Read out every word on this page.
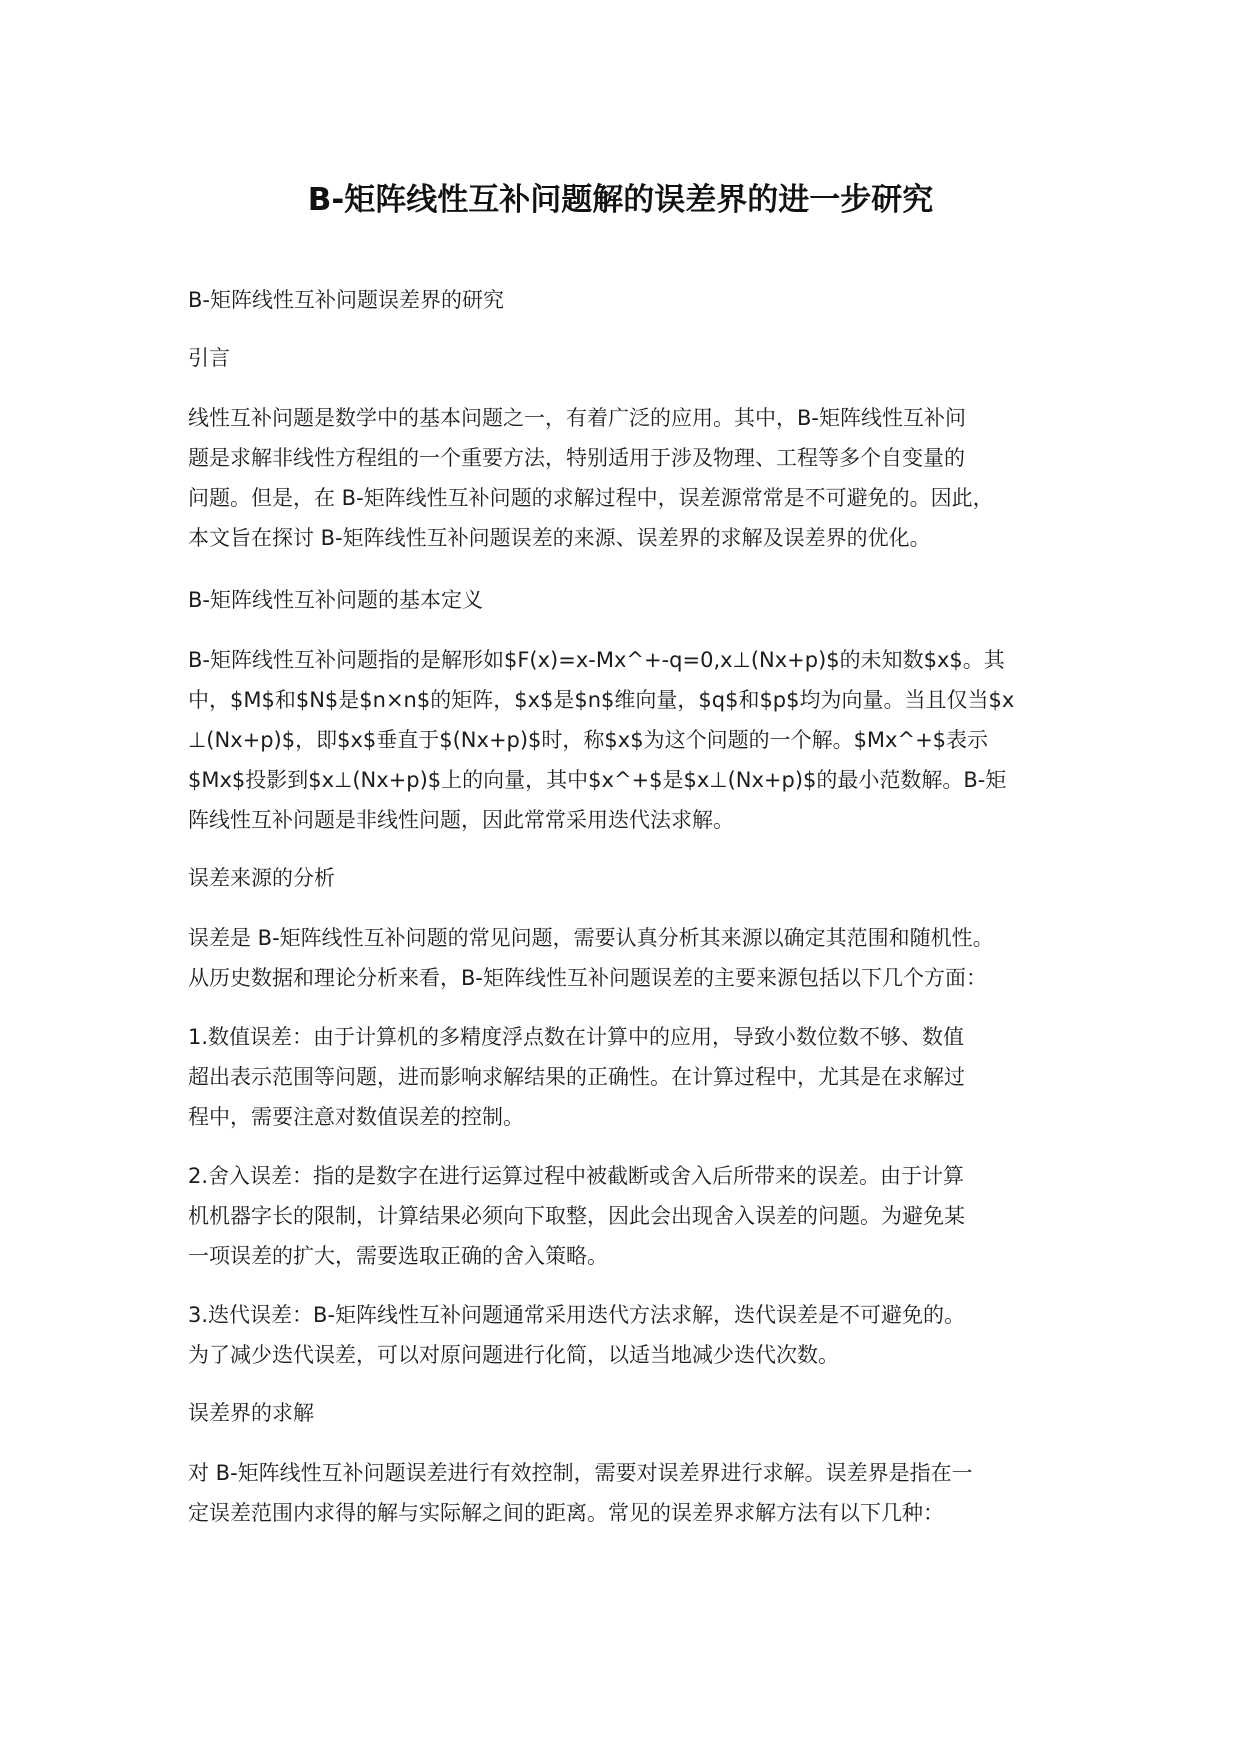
B-矩阵线性互补问题解的误差界的进一步研究

B-矩阵线性互补问题误差界的研究

引言

线性互补问题是数学中的基本问题之一，有着广泛的应用。其中，B-矩阵线性互补问

题是求解非线性方程组的一个重要方法，特别适用于涉及物理、工程等多个自变量的

问题。但是，在 B-矩阵线性互补问题的求解过程中，误差源常常是不可避免的。因此，

本文旨在探讨 B-矩阵线性互补问题误差的来源、误差界的求解及误差界的优化。

B-矩阵线性互补问题的基本定义

B-矩阵线性互补问题指的是解形如$F(x)=x-Mx^+-q=0,x⊥(Nx+p)$的未知数$x$。其

中，$M$和$N$是$n×n$的矩阵，$x$是$n$维向量，$q$和$p$均为向量。当且仅当$x

⊥(Nx+p)$，即$x$垂直于$(Nx+p)$时，称$x$为这个问题的一个解。$Mx^+$表示

$Mx$投影到$x⊥(Nx+p)$上的向量，其中$x^+$是$x⊥(Nx+p)$的最小范数解。B-矩

阵线性互补问题是非线性问题，因此常常采用迭代法求解。

误差来源的分析

误差是 B-矩阵线性互补问题的常见问题，需要认真分析其来源以确定其范围和随机性。

从历史数据和理论分析来看，B-矩阵线性互补问题误差的主要来源包括以下几个方面：

1.数值误差：由于计算机的多精度浮点数在计算中的应用，导致小数位数不够、数值

超出表示范围等问题，进而影响求解结果的正确性。在计算过程中，尤其是在求解过

程中，需要注意对数值误差的控制。

2.舍入误差：指的是数字在进行运算过程中被截断或舍入后所带来的误差。由于计算

机机器字长的限制，计算结果必须向下取整，因此会出现舍入误差的问题。为避免某

一项误差的扩大，需要选取正确的舍入策略。

3.迭代误差：B-矩阵线性互补问题通常采用迭代方法求解，迭代误差是不可避免的。

为了减少迭代误差，可以对原问题进行化简，以适当地减少迭代次数。

误差界的求解

对 B-矩阵线性互补问题误差进行有效控制，需要对误差界进行求解。误差界是指在一

定误差范围内求得的解与实际解之间的距离。常见的误差界求解方法有以下几种：
